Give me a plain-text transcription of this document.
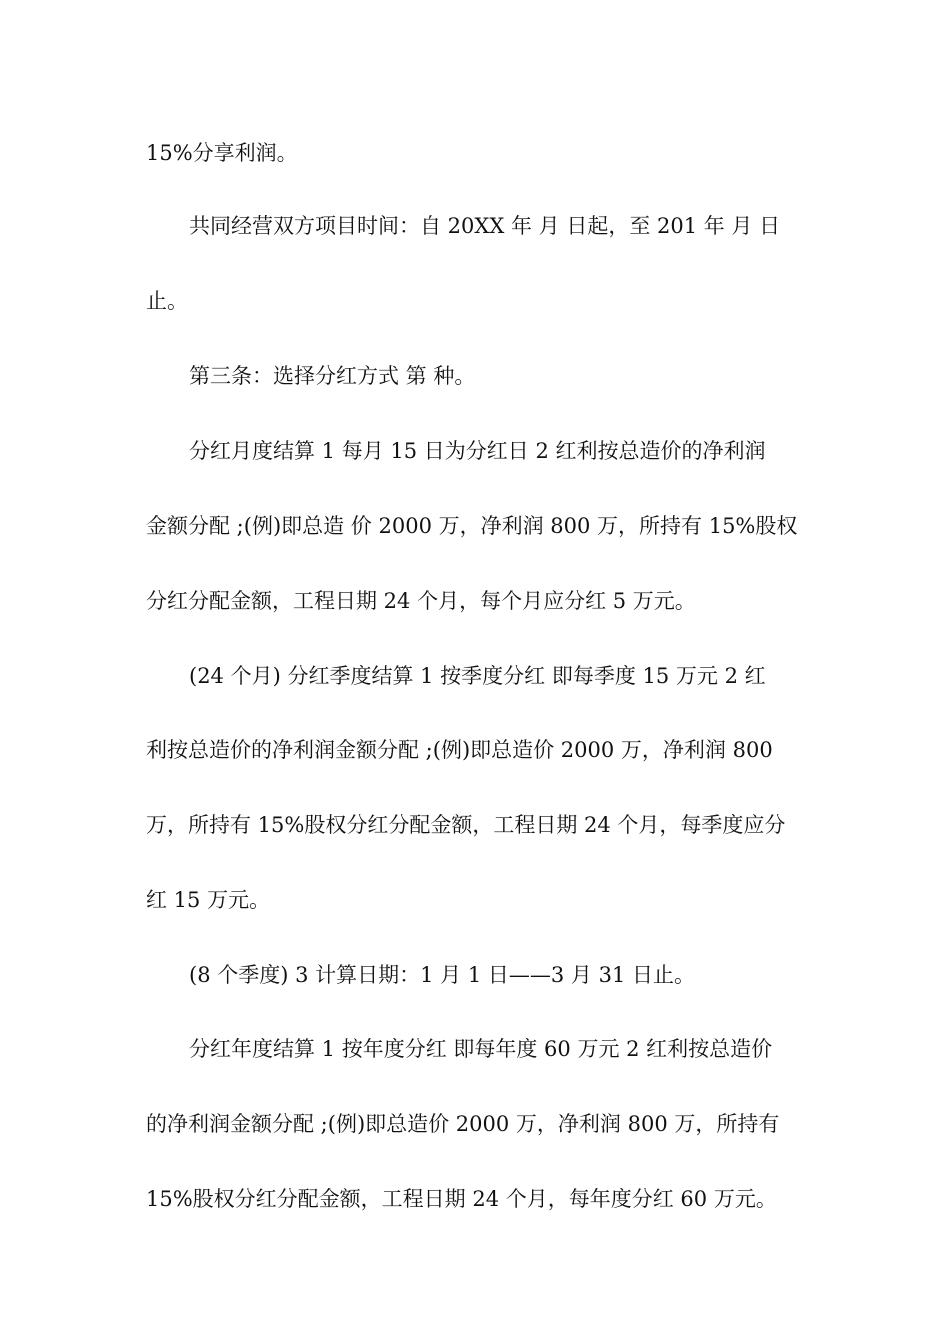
15%分享利润。
共同经营双方项目时间：自 20XX 年 月 日起，至 201 年 月 日
止。
第三条：选择分红方式 第 种。
分红月度结算 1 每月 15 日为分红日 2 红利按总造价的净利润
金额分配 ;(例)即总造 价 2000 万，净利润 800 万，所持有 15%股权
分红分配金额，工程日期 24 个月，每个月应分红 5 万元。
(24 个月) 分红季度结算 1 按季度分红 即每季度 15 万元 2 红
利按总造价的净利润金额分配 ;(例)即总造价 2000 万，净利润 800
万，所持有 15%股权分红分配金额，工程日期 24 个月，每季度应分
红 15 万元。
(8 个季度) 3 计算日期：1 月 1 日——3 月 31 日止。
分红年度结算 1 按年度分红 即每年度 60 万元 2 红利按总造价
的净利润金额分配 ;(例)即总造价 2000 万，净利润 800 万，所持有
15%股权分红分配金额，工程日期 24 个月，每年度分红 60 万元。
